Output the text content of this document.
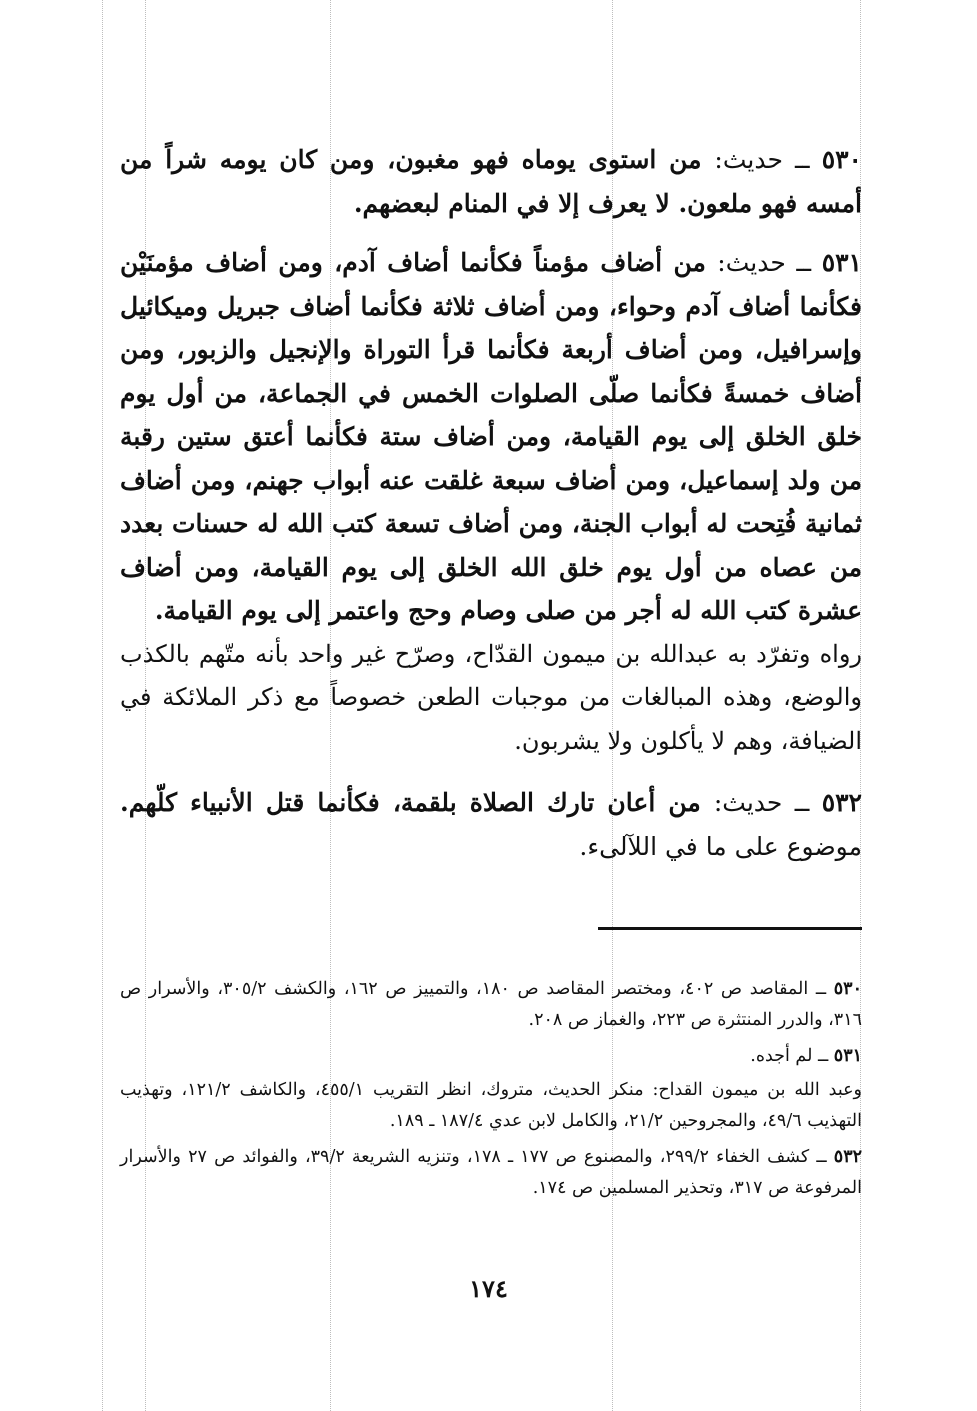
٥٣٠ ــ حديث: من استوى يوماه فهو مغبون، ومن كان يومه شراً من أمسه فهو ملعون. لا يعرف إلا في المنام لبعضهم.

٥٣١ ــ حديث: من أضاف مؤمناً فكأنما أضاف آدم، ومن أضاف مؤمنَيْن فكأنما أضاف آدم وحواء، ومن أضاف ثلاثة فكأنما أضاف جبريل وميكائيل وإسرافيل، ومن أضاف أربعة فكأنما قرأ التوراة والإنجيل والزبور، ومن أضاف خمسةً فكأنما صلّى الصلوات الخمس في الجماعة، من أول يوم خلق الخلق إلى يوم القيامة، ومن أضاف ستة فكأنما أعتق ستين رقبة من ولد إسماعيل، ومن أضاف سبعة غلقت عنه أبواب جهنم، ومن أضاف ثمانية فُتِحت له أبواب الجنة، ومن أضاف تسعة كتب الله له حسنات بعدد من عصاه من أول يوم خلق الله الخلق إلى يوم القيامة، ومن أضاف عشرة كتب الله له أجر من صلى وصام وحج واعتمر إلى يوم القيامة.

رواه وتفرّد به عبدالله بن ميمون القدّاح، وصرّح غير واحد بأنه متّهم بالكذب والوضع، وهذه المبالغات من موجبات الطعن خصوصاً مع ذكر الملائكة في الضيافة، وهم لا يأكلون ولا يشربون.

٥٣٢ ــ حديث: من أعان تارك الصلاة بلقمة، فكأنما قتل الأنبياء كلّهم. موضوع على ما في اللآلىء.

٥٣٠ ــ المقاصد ص ٤٠٢، ومختصر المقاصد ص ١٨٠، والتمييز ص ١٦٢، والكشف ٣٠٥/٢، والأسرار ص ٣١٦، والدرر المنتثرة ص ٢٢٣، والغماز ص ٢٠٨.

٥٣١ ــ لم أجده.

وعبد الله بن ميمون القداح: منكر الحديث، متروك، انظر التقريب ٤٥٥/١، والكاشف ١٢١/٢، وتهذيب التهذيب ٤٩/٦، والمجروحين ٢١/٢، والكامل لابن عدي ١٨٧/٤ ـ ١٨٩.

٥٣٢ ــ كشف الخفاء ٢٩٩/٢، والمصنوع ص ١٧٧ ـ ١٧٨، وتنزيه الشريعة ٣٩/٢، والفوائد ص ٢٧ والأسرار المرفوعة ص ٣١٧، وتحذير المسلمين ص ١٧٤.

١٧٤
